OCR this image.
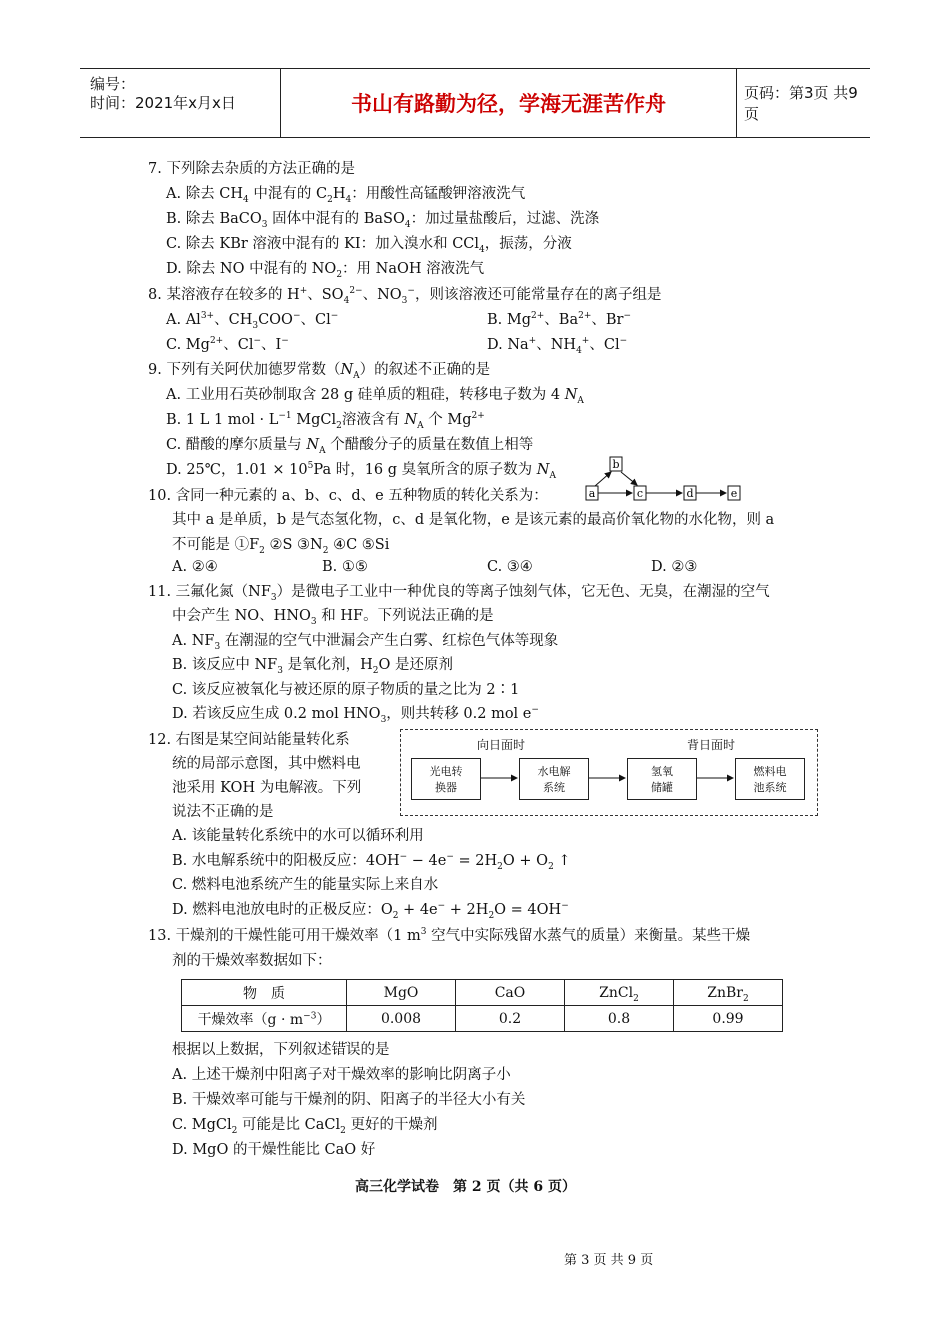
编号：
时间：2021年x月x日	书山有路勤为径，学海无涯苦作舟	页码：第3页 共9页
7. 下列除去杂质的方法正确的是
A. 除去 $CH_4$ 中混有的 $C_2H_4$：用酸性高锰酸钾溶液洗气
B. 除去 BaCO$_3$ 固体中混有的 BaSO$_4$：加过量盐酸后，过滤、洗涤
C. 除去 KBr 溶液中混有的 KI：加入溴水和 CCl$_4$，振荡，分液
D. 除去 NO 中混有的 $NO_2$：用 NaOH 溶液洗气
8. 某溶液存在较多的 H+、$SO_4^{2-}$、$NO_3^-$，则该溶液还可能常量存在的离子组是
A. $Al^{3+}$、$CH_3COO^-$、Cl−	B. $Mg^{2+}$、$Ba^{2+}$、Br−
C. $Mg^{2+}$、Cl−、I−	D. Na+、$NH_4^+$、Cl−
9. 下列有关阿伏加德罗常数$(N_A)$的叙述不正确的是
A. 工业用石英砂制取含 28 g 硅单质的粗硅，转移电子数为 4 $N_A$
B. 1 L 1 mol · $L^{-1}$ MgCl$_2$溶液含有 $N_A$ 个 $Mg^{2+}$
C. 醋酸的摩尔质量与 $N_A$ 个醋酸分子的质量在数值上相等
D. 25℃，$1.01 \times 10^5Pa$ 时，16 g 臭氧所含的原子数为 $N_A$
10. 含同一种元素的 a、b、c、d、e 五种物质的转化关系为：	a
b
c	d	e
其中 a 是单质，b 是气态氢化物，c、d 是氧化物，e 是该元素的最高价氧化物的水化物，则 a
不可能是 $①F_2$ ②S $③N_2$ ④C ⑤Si
A. ②④	B. ①⑤	C. ③④	D. ②③
11. 三氟化氮$(NF_3)$是微电子工业中一种优良的等离子蚀刻气体，它无色、无臭，在潮湿的空气
中会产生 NO、$HNO_3$ 和 HF。下列说法正确的是
A. $NF_3$ 在潮湿的空气中泄漏会产生白雾、红棕色气体等现象
B. 该反应中 $NF_3$ 是氧化剂，$H_2O$ 是还原剂
C. 该反应被氧化与被还原的原子物质的量之比为 2∶1
D. 若该反应生成 0.2 mol $HNO_3$，则共转移 0.2 mol e−
12. 右图是某空间站能量转化系
统的局部示意图，其中燃料电
池采用 KOH 为电解液。下列
说法不正确的是
向日面时	背日面时
光电转
换器
水电解
系统
氢氧
储罐
燃料电
池系统
A. 该能量转化系统中的水可以循环利用
B. 水电解系统中的阳极反应：$4OH^- - 4e^- = 2H_2O + O_2$ ↑
C. 燃料电池系统产生的能量实际上来自水
D. 燃料电池放电时的正极反应：$O_2 + 4e^- + 2H_2O = 4OH^-$
13. 干燥剂的干燥性能可用干燥效率（1 $m^3$ 空气中实际残留水蒸气的质量）来衡量。某些干燥
剂的干燥效率数据如下：
物　质	MgO	CaO	ZnCl$_2$	ZnBr$_2$
干燥效率$(g \cdot m^{-3})$	0.008	0.2	0.8	0.99
根据以上数据，下列叙述错误的是
A. 上述干燥剂中阳离子对干燥效率的影响比阴离子小
B. 干燥效率可能与干燥剂的阴、阳离子的半径大小有关
C. MgCl$_2$ 可能是比 CaCl$_2$ 更好的干燥剂
D. MgO 的干燥性能比 CaO 好
高三化学试卷　第 2 页（共 6 页）
第 3 页 共 9 页
